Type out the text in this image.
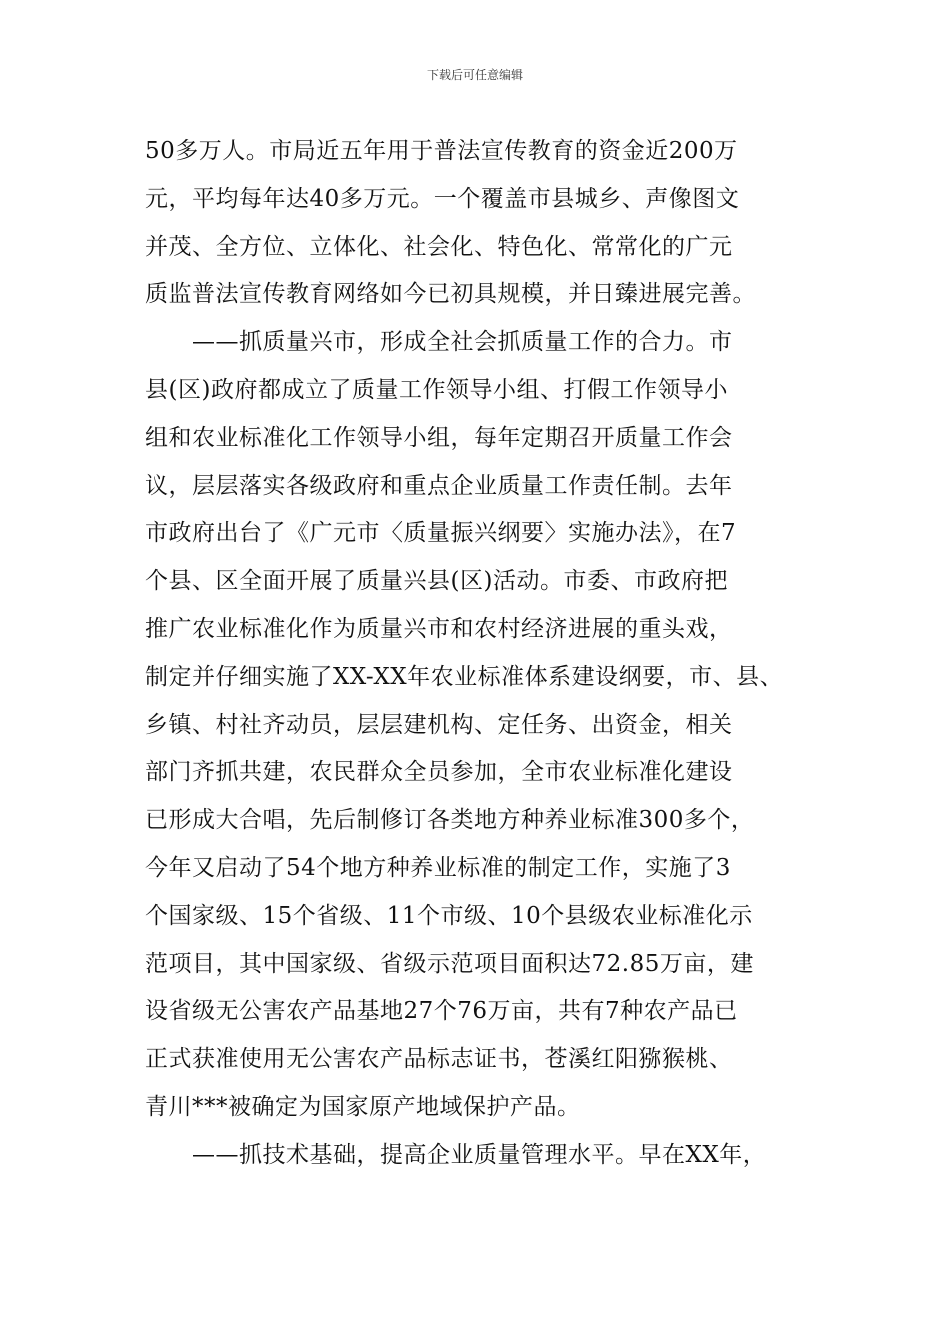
下载后可任意编辑
50多万人。市局近五年用于普法宣传教育的资金近200万
元，平均每年达40多万元。一个覆盖市县城乡、声像图文
并茂、全方位、立体化、社会化、特色化、常常化的广元
质监普法宣传教育网络如今已初具规模，并日臻进展完善。
　　——抓质量兴市，形成全社会抓质量工作的合力。市
县(区)政府都成立了质量工作领导小组、打假工作领导小
组和农业标准化工作领导小组，每年定期召开质量工作会
议，层层落实各级政府和重点企业质量工作责任制。去年
市政府出台了《广元市〈质量振兴纲要〉实施办法》，在7
个县、区全面开展了质量兴县(区)活动。市委、市政府把
推广农业标准化作为质量兴市和农村经济进展的重头戏，
制定并仔细实施了XX-XX年农业标准体系建设纲要，市、县、
乡镇、村社齐动员，层层建机构、定任务、出资金，相关
部门齐抓共建，农民群众全员参加，全市农业标准化建设
已形成大合唱，先后制修订各类地方种养业标准300多个，
今年又启动了54个地方种养业标准的制定工作，实施了3
个国家级、15个省级、11个市级、10个县级农业标准化示
范项目，其中国家级、省级示范项目面积达72.85万亩，建
设省级无公害农产品基地27个76万亩，共有7种农产品已
正式获准使用无公害农产品标志证书，苍溪红阳猕猴桃、
青川***被确定为国家原产地域保护产品。
　　——抓技术基础，提高企业质量管理水平。早在XX年，
